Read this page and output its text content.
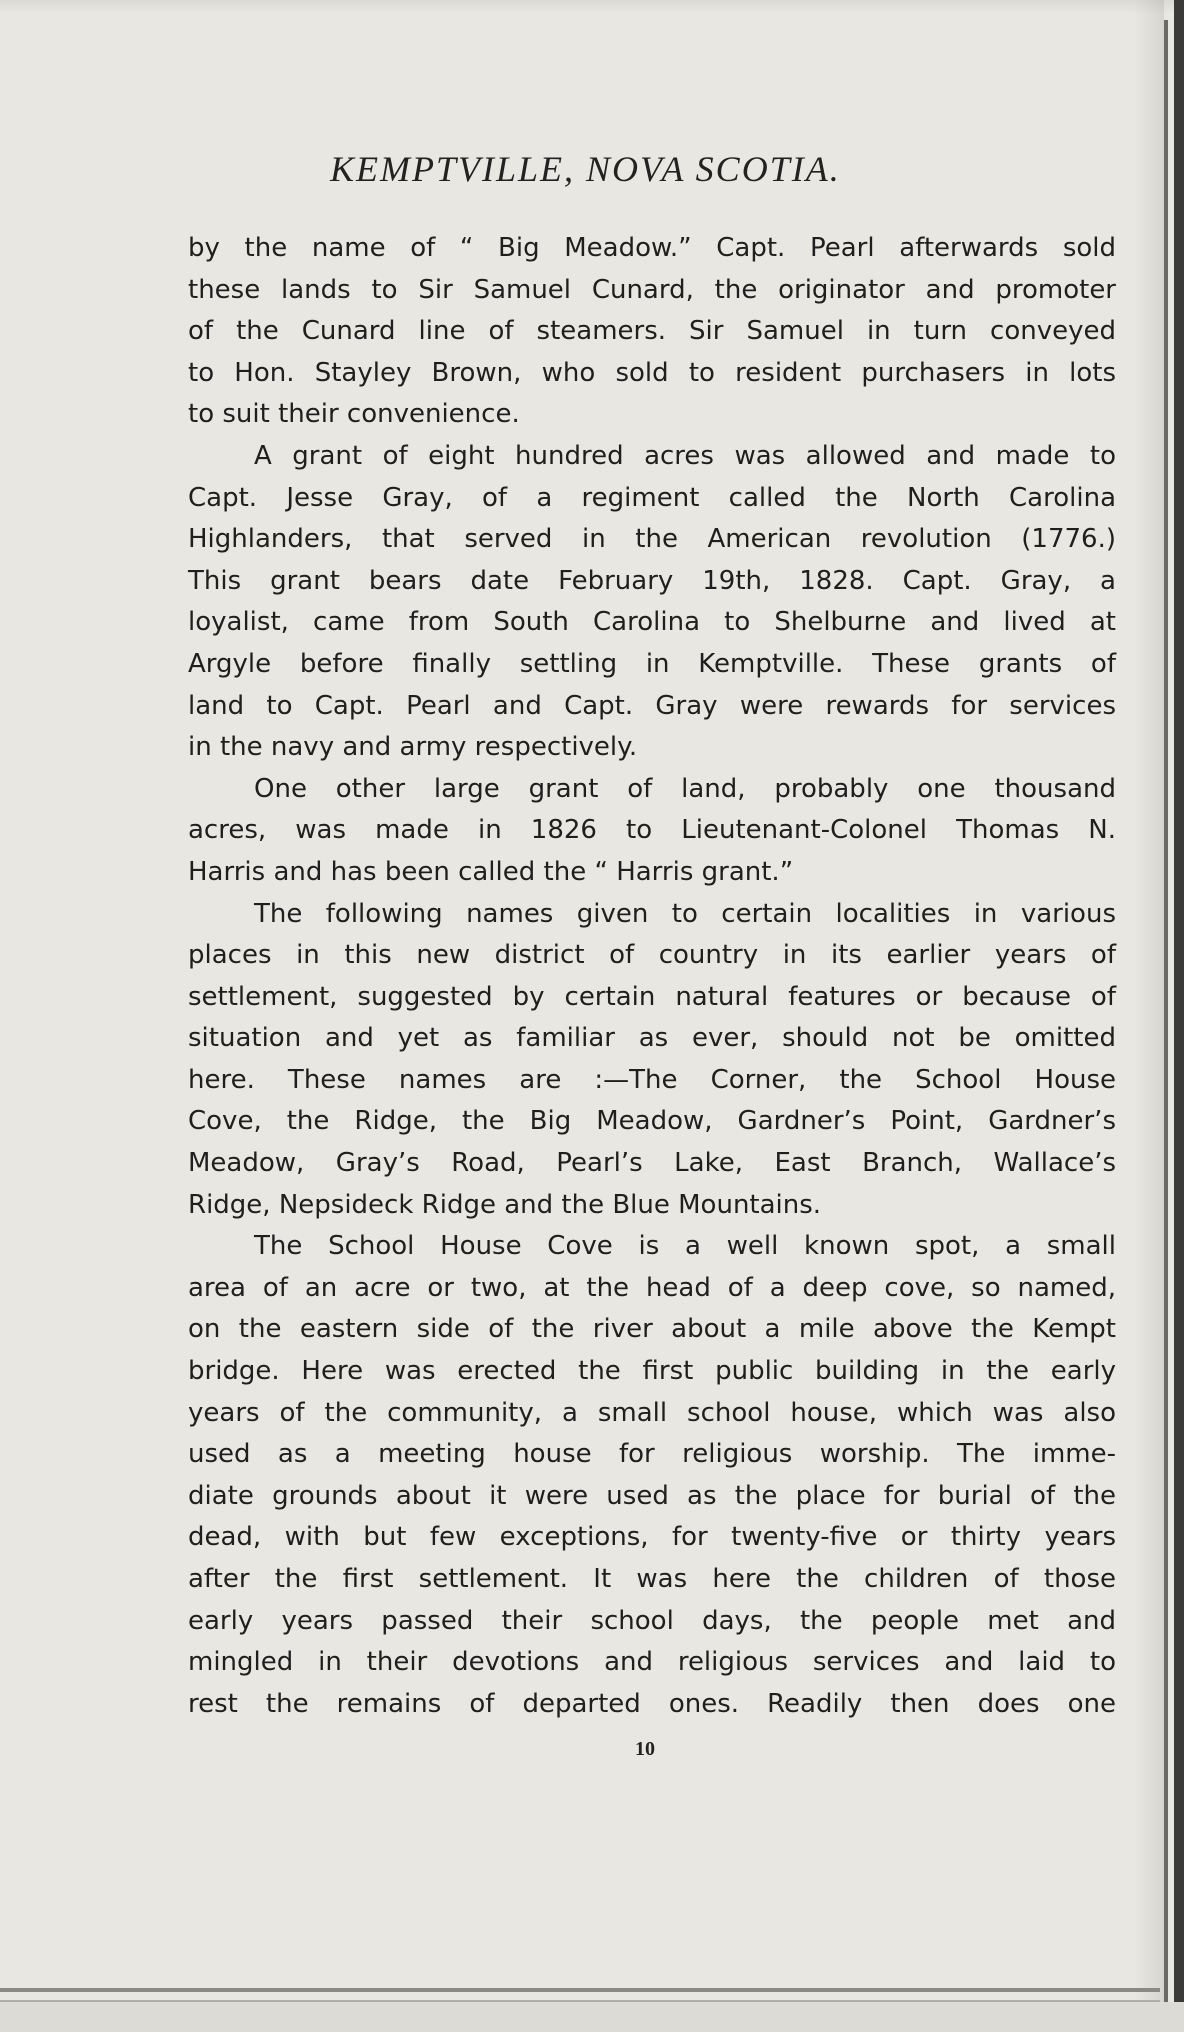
KEMPTVILLE, NOVA SCOTIA.
by the name of “ Big Meadow.” Capt. Pearl afterwards sold
these lands to Sir Samuel Cunard, the originator and promoter
of the Cunard line of steamers. Sir Samuel in turn conveyed
to Hon. Stayley Brown, who sold to resident purchasers in lots
to suit their convenience.
A grant of eight hundred acres was allowed and made to
Capt. Jesse Gray, of a regiment called the North Carolina
Highlanders, that served in the American revolution (1776.)
This grant bears date February 19th, 1828. Capt. Gray, a
loyalist, came from South Carolina to Shelburne and lived at
Argyle before finally settling in Kemptville. These grants of
land to Capt. Pearl and Capt. Gray were rewards for services
in the navy and army respectively.
One other large grant of land, probably one thousand
acres, was made in 1826 to Lieutenant-Colonel Thomas N.
Harris and has been called the “ Harris grant.”
The following names given to certain localities in various
places in this new district of country in its earlier years of
settlement, suggested by certain natural features or because of
situation and yet as familiar as ever, should not be omitted
here. These names are :—The Corner, the School House
Cove, the Ridge, the Big Meadow, Gardner’s Point, Gardner’s
Meadow, Gray’s Road, Pearl’s Lake, East Branch, Wallace’s
Ridge, Nepsideck Ridge and the Blue Mountains.
The School House Cove is a well known spot, a small
area of an acre or two, at the head of a deep cove, so named,
on the eastern side of the river about a mile above the Kempt
bridge. Here was erected the first public building in the early
years of the community, a small school house, which was also
used as a meeting house for religious worship. The imme-
diate grounds about it were used as the place for burial of the
dead, with but few exceptions, for twenty-five or thirty years
after the first settlement. It was here the children of those
early years passed their school days, the people met and
mingled in their devotions and religious services and laid to
rest the remains of departed ones. Readily then does one
10
